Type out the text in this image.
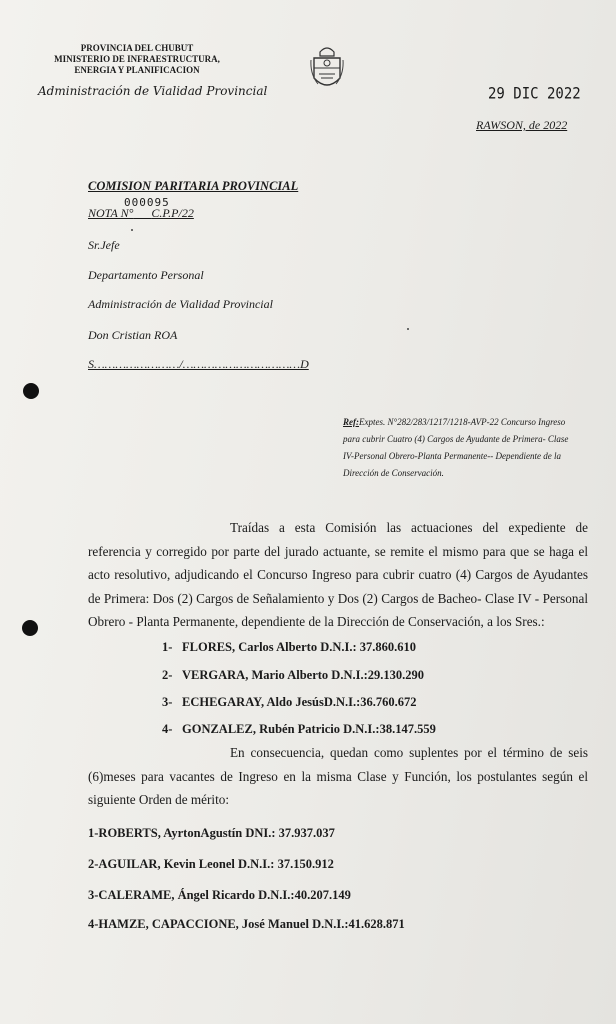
PROVINCIA DEL CHUBUT
MINISTERIO DE INFRAESTRUCTURA,
ENERGIA Y PLANIFICACION
Administración de Vialidad Provincial	29 DIC 2022
RAWSON, de 2022
COMISION PARITARIA PROVINCIAL
000095
NOTA N° C.P.P/22
Sr.Jefe
Departamento Personal
Administración de Vialidad Provincial
Don Cristian ROA
S……………………/……………………………D
Ref:Exptes. N°282/283/1217/1218-AVP-22 Concurso Ingreso para cubrir Cuatro (4) Cargos de Ayudante de Primera- Clase IV-Personal Obrero-Planta Permanente-- Dependiente de la Dirección de Conservación.

Traídas a esta Comisión las actuaciones del expediente de referencia y corregido por parte del jurado actuante, se remite el mismo para que se haga el acto resolutivo, adjudicando el Concurso Ingreso para cubrir cuatro (4) Cargos de Ayudantes de Primera: Dos (2) Cargos de Señalamiento y Dos (2) Cargos de Bacheo- Clase IV - Personal Obrero - Planta Permanente, dependiente de la Dirección de Conservación, a los Sres.:

1- FLORES, Carlos Alberto D.N.I.: 37.860.610
2- VERGARA, Mario Alberto D.N.I.:29.130.290
3- ECHEGARAY, Aldo JesúsD.N.I.:36.760.672
4- GONZALEZ, Rubén Patricio D.N.I.:38.147.559

En consecuencia, quedan como suplentes por el término de seis (6)meses para vacantes de Ingreso en la misma Clase y Función, los postulantes según el siguiente Orden de mérito:

1-ROBERTS, AyrtonAgustín DNI.: 37.937.037
2-AGUILAR, Kevin Leonel D.N.I.: 37.150.912
3-CALERAME, Ángel Ricardo D.N.I.:40.207.149
4-HAMZE, CAPACCIONE, José Manuel D.N.I.:41.628.871
